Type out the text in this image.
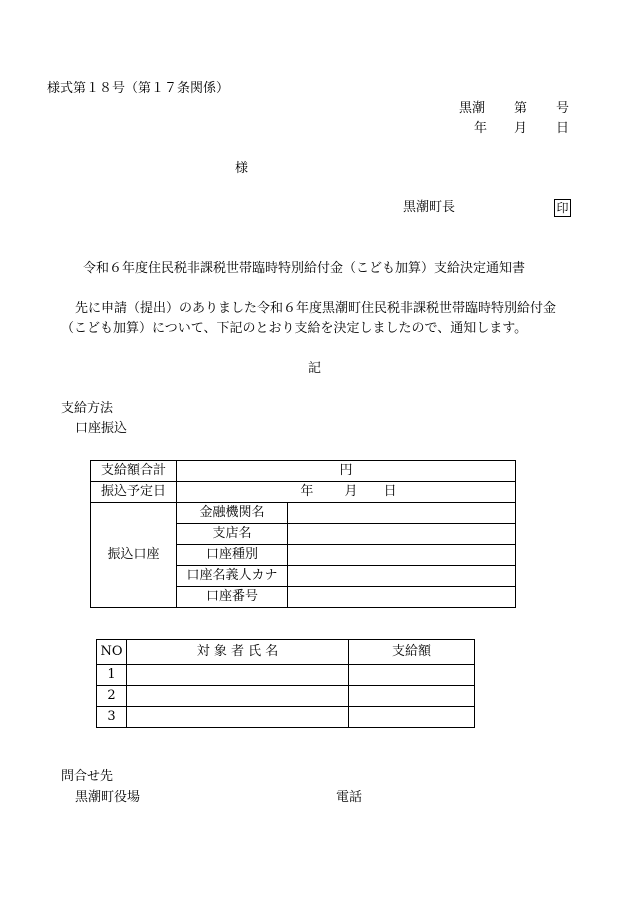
様式第１８号（第１７条関係）
黒潮 第 号
年 月 日
様
黒潮町長	印
令和６年度住民税非課税世帯臨時特別給付金（こども加算）支給決定通知書
先に申請（提出）のありました令和６年度黒潮町住民税非課税世帯臨時特別給付金
（こども加算）について、下記のとおり支給を決定しましたので、通知します。
記
支給方法
口座振込
支給額合計	円	
振込予定日	年 月 日	
振込口座	金融機関名	
	支店名	
	口座種別	
	口座名義人カナ	
	口座番号	
NO	対 象 者 氏 名	支給額
1		
2		
3		
問合せ先
黒潮町役場	電話
